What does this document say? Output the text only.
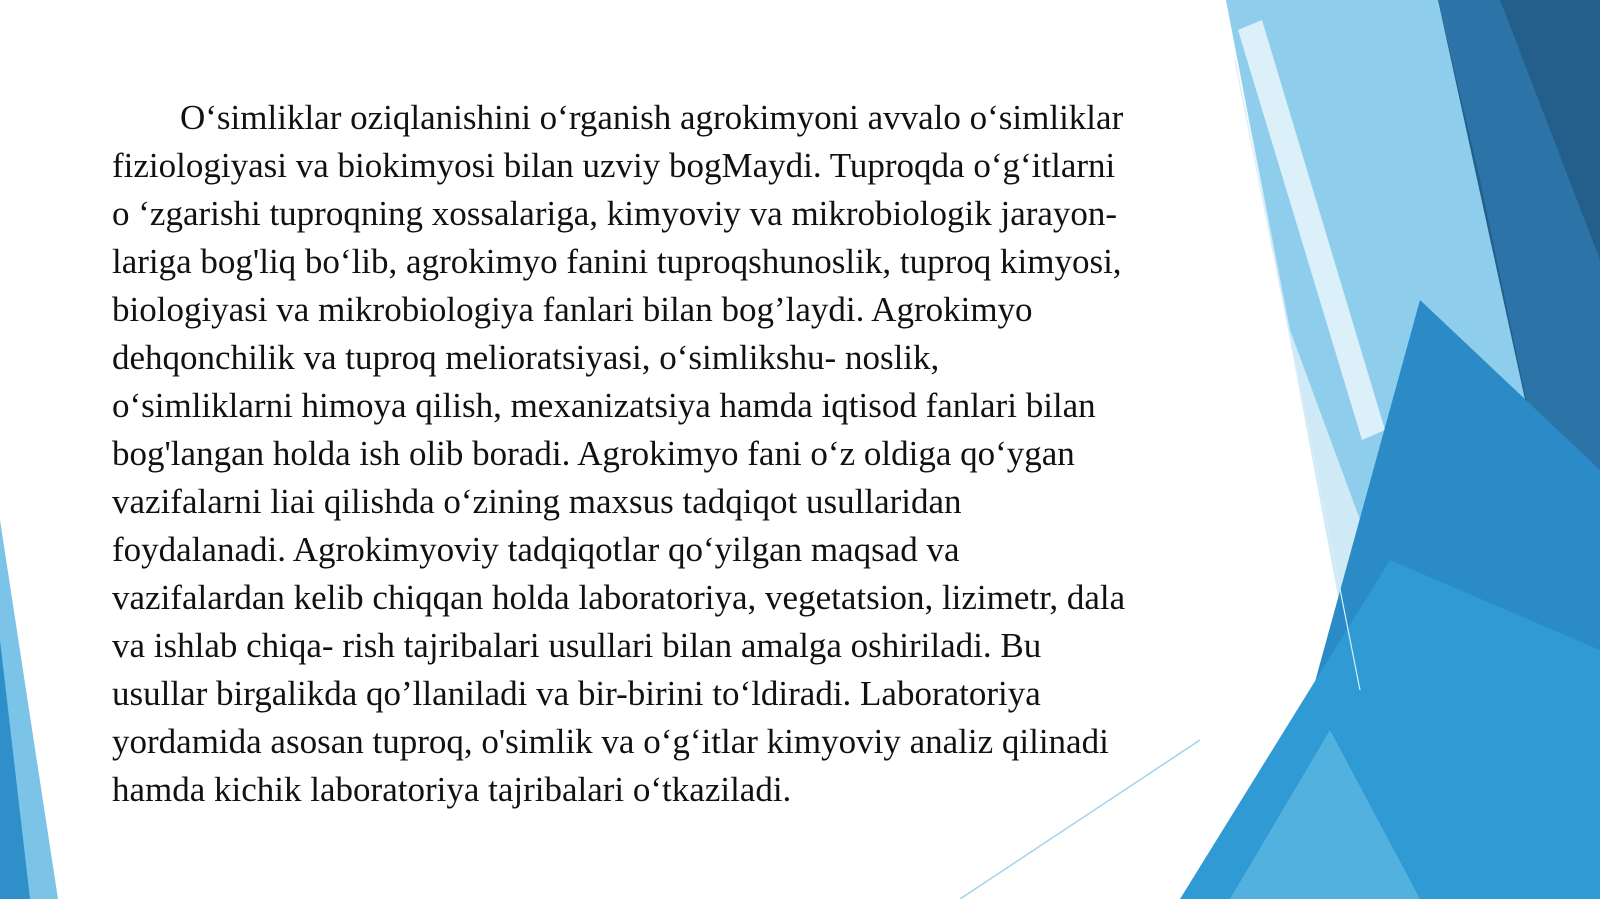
O‘simliklar oziqlanishini o‘rganish agrokimyoni avvalo o‘simliklar
fiziologiyasi va biokimyosi bilan uzviy bogMaydi. Tuproqda o‘g‘itlarni
o ‘zgarishi tuproqning xossalariga, kimyoviy va mikrobiologik jarayon-
lariga bog'liq bo‘lib, agrokimyo fanini tuproqshunoslik, tuproq kimyosi,
biologiyasi va mikrobiologiya fanlari bilan bog’laydi. Agrokimyo
dehqonchilik va tuproq melioratsiyasi, o‘simlikshu- noslik,
o‘simliklarni himoya qilish, mexanizatsiya hamda iqtisod fanlari bilan
bog'langan holda ish olib boradi. Agrokimyo fani o‘z oldiga qo‘ygan
vazifalarni liai qilishda o‘zining maxsus tadqiqot usullaridan
foydalanadi. Agrokimyoviy tadqiqotlar qo‘yilgan maqsad va
vazifalardan kelib chiqqan holda laboratoriya, vegetatsion, lizimetr, dala
va ishlab chiqa- rish tajribalari usullari bilan amalga oshiriladi. Bu
usullar birgalikda qo’llaniladi va bir-birini to‘ldiradi. Laboratoriya
yordamida asosan tuproq, o'simlik va o‘g‘itlar kimyoviy analiz qilinadi
hamda kichik laboratoriya tajribalari o‘tkaziladi.
